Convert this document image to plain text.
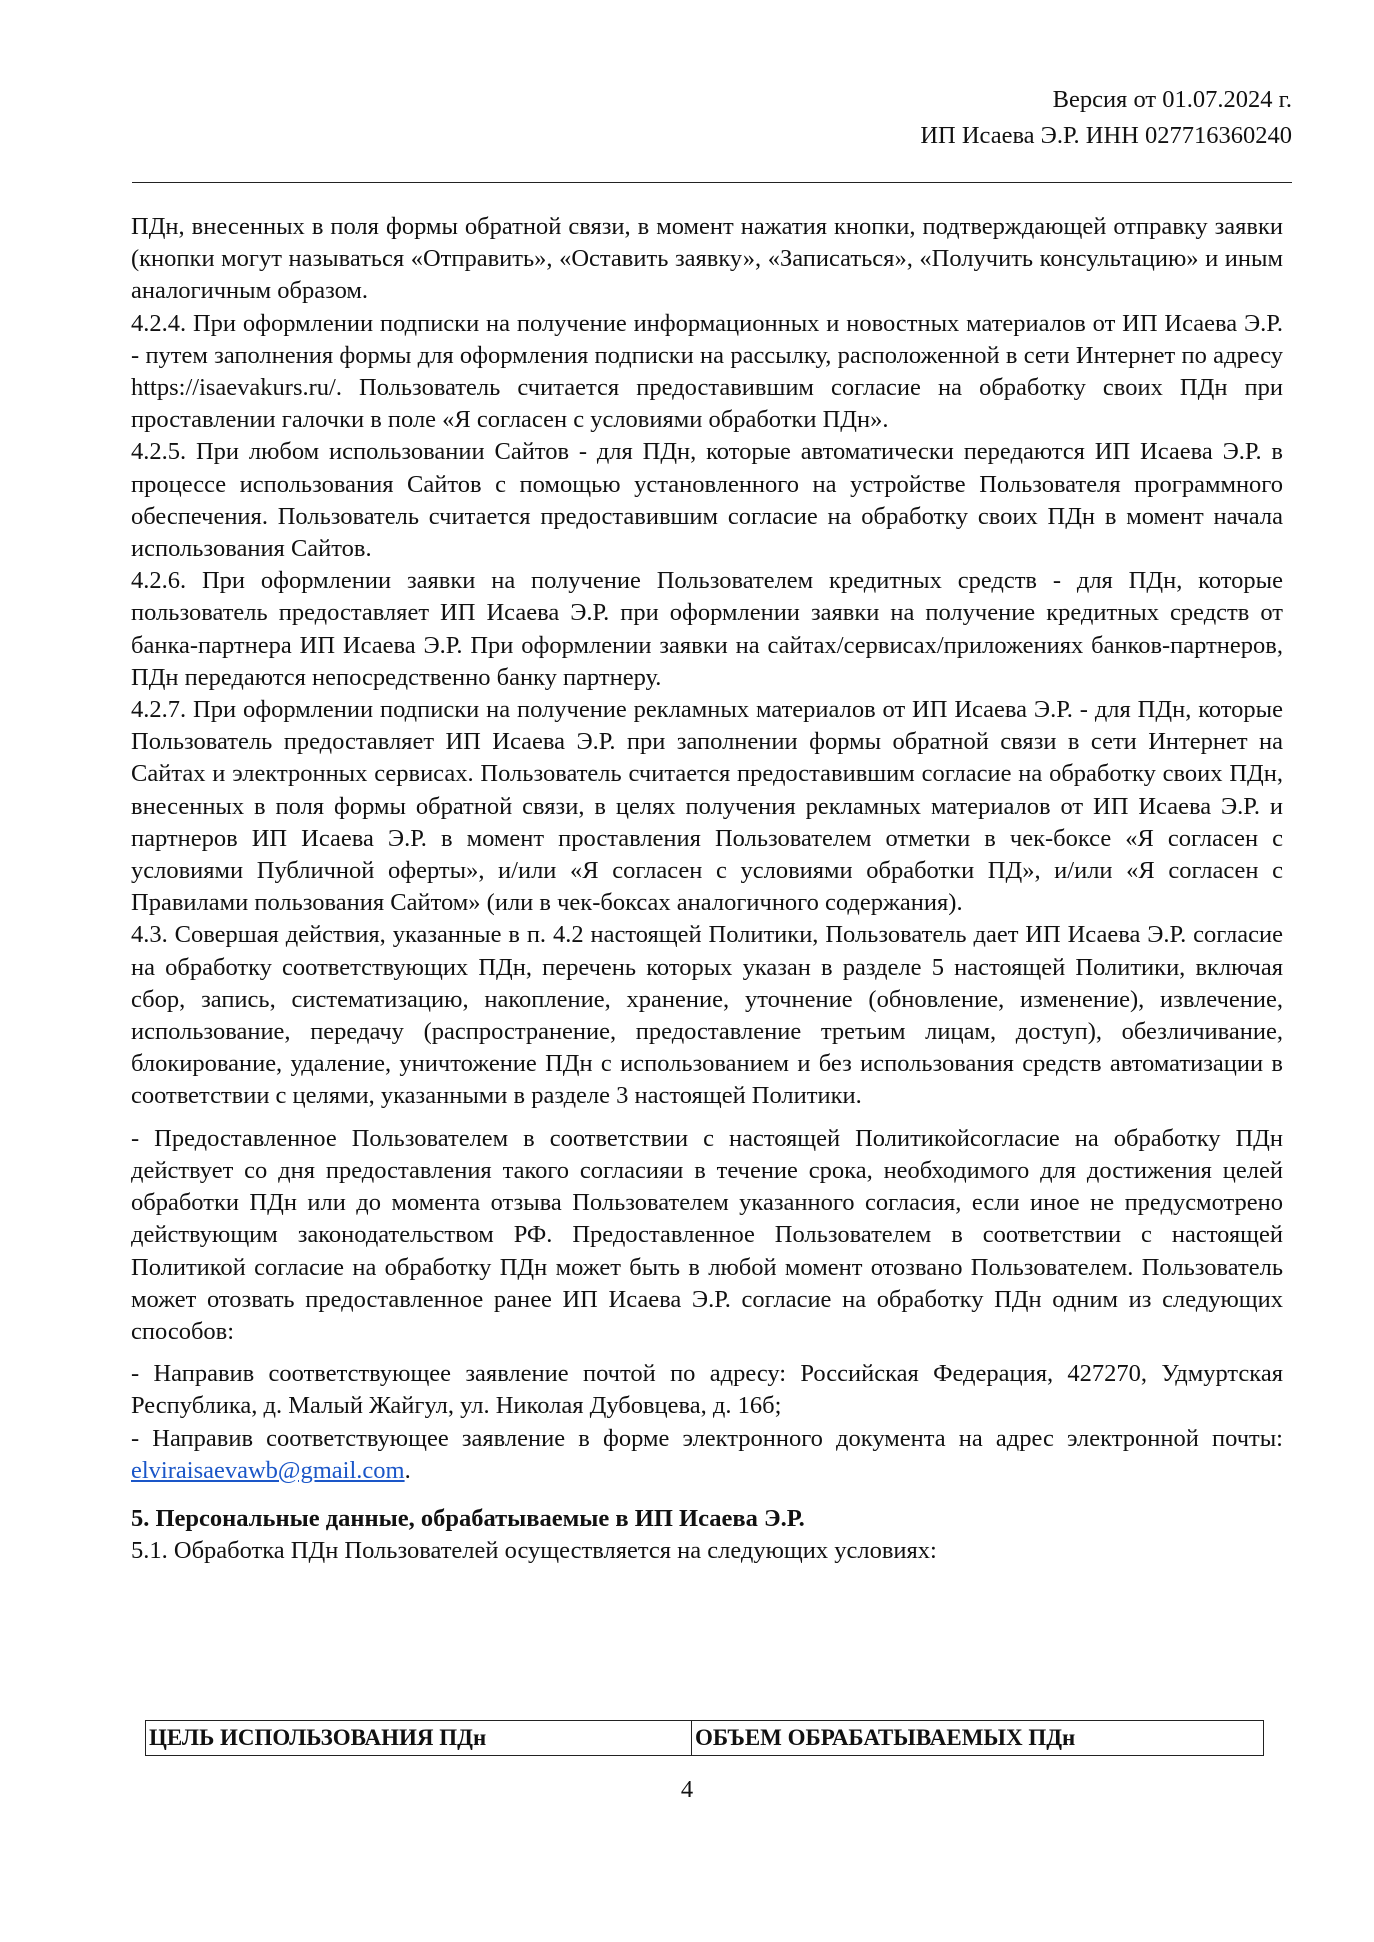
Версия от 01.07.2024 г.
ИП Исаева Э.Р. ИНН 027716360240

ПДн, внесенных в поля формы обратной связи, в момент нажатия кнопки, подтверждающей отправку заявки (кнопки могут называться «Отправить», «Оставить заявку», «Записаться», «Получить консультацию» и иным аналогичным образом.

4.2.4. При оформлении подписки на получение информационных и новостных материалов от ИП Исаева Э.Р. - путем заполнения формы для оформления подписки на рассылку, расположенной в сети Интернет по адресу https://isaevakurs.ru/. Пользователь считается предоставившим согласие на обработку своих ПДн при проставлении галочки в поле «Я согласен с условиями обработки ПДн».

4.2.5. При любом использовании Сайтов - для ПДн, которые автоматически передаются ИП Исаева Э.Р. в процессе использования Сайтов с помощью установленного на устройстве Пользователя программного обеспечения. Пользователь считается предоставившим согласие на обработку своих ПДн в момент начала использования Сайтов.

4.2.6. При оформлении заявки на получение Пользователем кредитных средств - для ПДн, которые пользователь предоставляет ИП Исаева Э.Р. при оформлении заявки на получение кредитных средств от банка-партнера ИП Исаева Э.Р. При оформлении заявки на сайтах/сервисах/приложениях банков-партнеров, ПДн передаются непосредственно банку партнеру.

4.2.7. При оформлении подписки на получение рекламных материалов от ИП Исаева Э.Р. - для ПДн, которые Пользователь предоставляет ИП Исаева Э.Р. при заполнении формы обратной связи в сети Интернет на Сайтах и электронных сервисах. Пользователь считается предоставившим согласие на обработку своих ПДн, внесенных в поля формы обратной связи, в целях получения рекламных материалов от ИП Исаева Э.Р. и партнеров ИП Исаева Э.Р. в момент проставления Пользователем отметки в чек-боксе «Я согласен с условиями Публичной оферты», и/или «Я согласен с условиями обработки ПД», и/или «Я согласен с Правилами пользования Сайтом» (или в чек-боксах аналогичного содержания).

4.3. Совершая действия, указанные в п. 4.2 настоящей Политики, Пользователь дает ИП Исаева Э.Р. согласие на обработку соответствующих ПДн, перечень которых указан в разделе 5 настоящей Политики, включая сбор, запись, систематизацию, накопление, хранение, уточнение (обновление, изменение), извлечение, использование, передачу (распространение, предоставление третьим лицам, доступ), обезличивание, блокирование, удаление, уничтожение ПДн с использованием и без использования средств автоматизации в соответствии с целями, указанными в разделе 3 настоящей Политики.

- Предоставленное Пользователем в соответствии с настоящей Политикойсогласие на обработку ПДн действует со дня предоставления такого согласияи в течение срока, необходимого для достижения целей обработки ПДн или до момента отзыва Пользователем указанного согласия, если иное не предусмотрено действующим законодательством РФ. Предоставленное Пользователем в соответствии с настоящей Политикой согласие на обработку ПДн может быть в любой момент отозвано Пользователем. Пользователь может отозвать предоставленное ранее ИП Исаева Э.Р. согласие на обработку ПДн одним из следующих способов:

- Направив соответствующее заявление почтой по адресу: Российская Федерация, 427270, Удмуртская Республика, д. Малый Жайгул, ул. Николая Дубовцева, д. 16б;

- Направив соответствующее заявление в форме электронного документа на адрес электронной почты: elviraisaevawb@gmail.com.

5. Персональные данные, обрабатываемые в ИП Исаева Э.Р.

5.1. Обработка ПДн Пользователей осуществляется на следующих условиях:

ЦЕЛЬ ИСПОЛЬЗОВАНИЯ ПДн	ОБЪЕМ ОБРАБАТЫВАЕМЫХ ПДн
4
